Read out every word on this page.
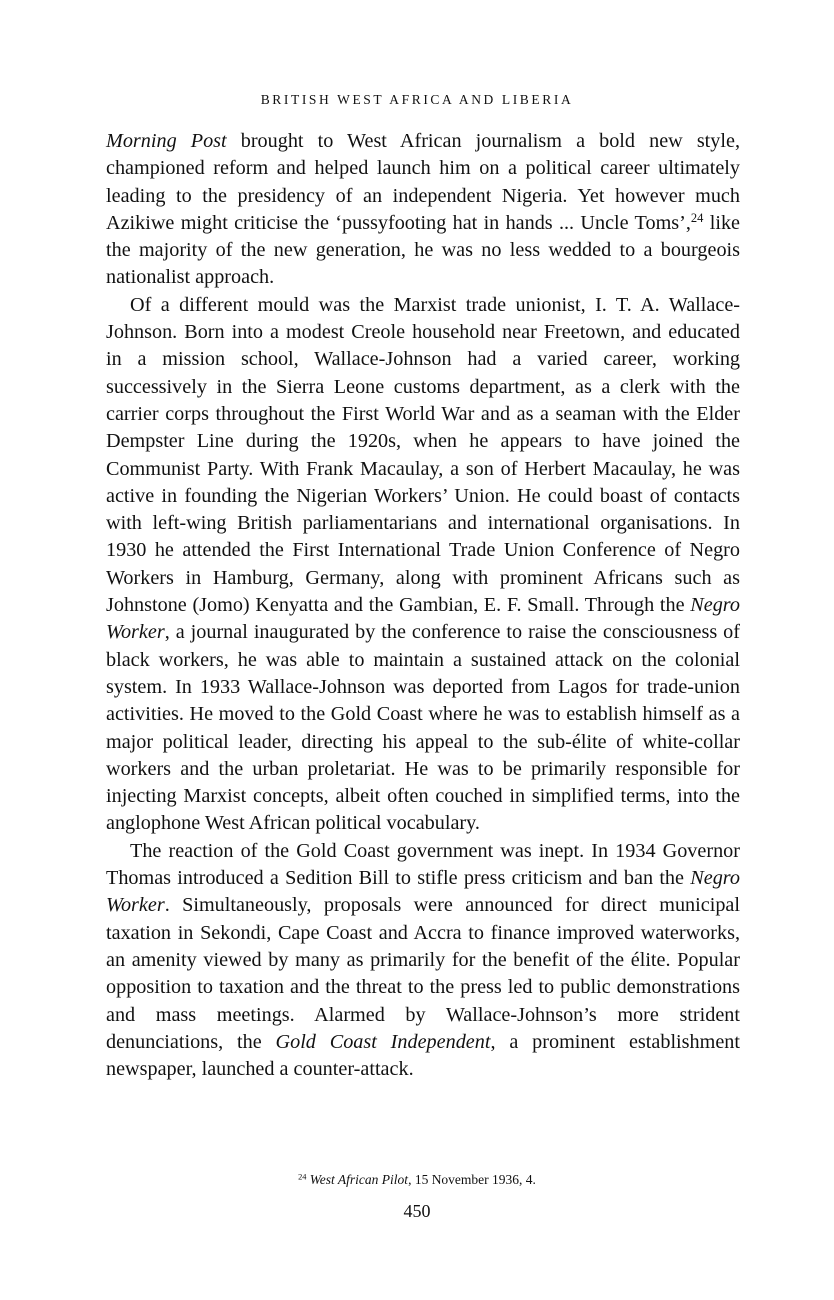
BRITISH WEST AFRICA AND LIBERIA

Morning Post brought to West African journalism a bold new style, championed reform and helped launch him on a political career ultimately leading to the presidency of an independent Nigeria. Yet however much Azikiwe might criticise the ‘pussyfooting hat in hands ... Uncle Toms’,$^{24}$ like the majority of the new generation, he was no less wedded to a bourgeois nationalist approach.

Of a different mould was the Marxist trade unionist, I. T. A. Wallace-Johnson. Born into a modest Creole household near Freetown, and educated in a mission school, Wallace-Johnson had a varied career, working successively in the Sierra Leone customs department, as a clerk with the carrier corps throughout the First World War and as a seaman with the Elder Dempster Line during the 1920s, when he appears to have joined the Communist Party. With Frank Macaulay, a son of Herbert Macaulay, he was active in founding the Nigerian Workers’ Union. He could boast of contacts with left-wing British parliamentarians and international organisations. In 1930 he attended the First International Trade Union Conference of Negro Workers in Hamburg, Germany, along with prominent Africans such as Johnstone (Jomo) Kenyatta and the Gambian, E. F. Small. Through the Negro Worker, a journal inaugurated by the conference to raise the consciousness of black workers, he was able to maintain a sustained attack on the colonial system. In 1933 Wallace-Johnson was deported from Lagos for trade-union activities. He moved to the Gold Coast where he was to establish himself as a major political leader, directing his appeal to the sub-élite of white-collar workers and the urban proletariat. He was to be primarily responsible for injecting Marxist concepts, albeit often couched in simplified terms, into the anglophone West African political vocabulary.

The reaction of the Gold Coast government was inept. In 1934 Governor Thomas introduced a Sedition Bill to stifle press criticism and ban the Negro Worker. Simultaneously, proposals were announced for direct municipal taxation in Sekondi, Cape Coast and Accra to finance improved waterworks, an amenity viewed by many as primarily for the benefit of the élite. Popular opposition to taxation and the threat to the press led to public demonstrations and mass meetings. Alarmed by Wallace-Johnson’s more strident denunciations, the Gold Coast Independent, a prominent establishment newspaper, launched a counter-attack.

$^{24}$ West African Pilot, 15 November 1936, 4.
450
